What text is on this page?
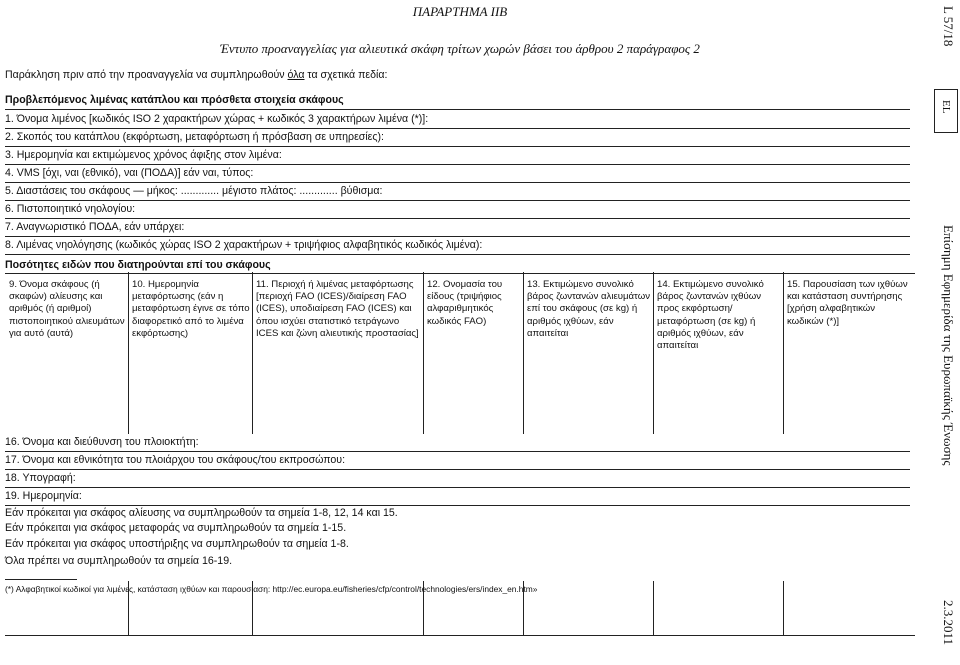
ΠΑΡΑΡΤΗΜΑ IIB
Έντυπο προαναγγελίας για αλιευτικά σκάφη τρίτων χωρών βάσει του άρθρου 2 παράγραφος 2
Παράκληση πριν από την προαναγγελία να συμπληρωθούν όλα τα σχετικά πεδία:
Προβλεπόμενος λιμένας κατάπλου και πρόσθετα στοιχεία σκάφους
1. Όνομα λιμένος [κωδικός ISO 2 χαρακτήρων χώρας + κωδικός 3 χαρακτήρων λιμένα (*)]:
2. Σκοπός του κατάπλου (εκφόρτωση, μεταφόρτωση ή πρόσβαση σε υπηρεσίες):
3. Ημερομηνία και εκτιμώμενος χρόνος άφιξης στον λιμένα:
4. VMS [όχι, ναι (εθνικό), ναι (ΠΟΔΑ)] εάν ναι, τύπος:
5. Διαστάσεις του σκάφους — μήκος: ............. μέγιστο πλάτος: ............. βύθισμα:
6. Πιστοποιητικό νηολογίου:
7. Αναγνωριστικό ΠΟΔΑ, εάν υπάρχει:
8. Λιμένας νηολόγησης (κωδικός χώρας ISO 2 χαρακτήρων + τριψήφιος αλφαβητικός κωδικός λιμένα):
Ποσότητες ειδών που διατηρούνται επί του σκάφους
9. Όνομα σκάφους (ή σκαφών) αλίευσης και αριθμός (ή αριθμοί) πιστοποιητικού αλιευμάτων για αυτό (αυτά)
10. Ημερομηνία μεταφόρτωσης (εάν η μεταφόρτωση έγινε σε τόπο διαφορετικό από το λιμένα εκφόρτωσης)
11. Περιοχή ή λιμένας μεταφόρτωσης [περιοχή FAO (ICES)/διαίρεση FAO (ICES), υποδιαίρεση FAO (ICES) και όπου ισχύει στατιστικό τετράγωνο ICES και ζώνη αλιευτικής προστασίας]
12. Ονομασία του είδους (τριψήφιος αλφαριθμητικός κωδικός FAO)
13. Εκτιμώμενο συνολικό βάρος ζωντανών αλιευμάτων επί του σκάφους (σε kg) ή αριθμός ιχθύων, εάν απαιτείται
14. Εκτιμώμενο συνολικό βάρος ζωντανών ιχθύων προς εκφόρτωση/μεταφόρτωση (σε kg) ή αριθμός ιχθύων, εάν απαιτείται
15. Παρουσίαση των ιχθύων και κατάσταση συντήρησης [χρήση αλφαβητικών κωδικών (*)]
16. Όνομα και διεύθυνση του πλοιοκτήτη:
17. Όνομα και εθνικότητα του πλοιάρχου του σκάφους/του εκπροσώπου:
18. Υπογραφή:
19. Ημερομηνία:
Εάν πρόκειται για σκάφος αλίευσης να συμπληρωθούν τα σημεία 1-8, 12, 14 και 15.
Εάν πρόκειται για σκάφος μεταφοράς να συμπληρωθούν τα σημεία 1-15.
Εάν πρόκειται για σκάφος υποστήριξης να συμπληρωθούν τα σημεία 1-8.
Όλα πρέπει να συμπληρωθούν τα σημεία 16-19.
(*) Αλφαβητικοί κωδικοί για λιμένες, κατάσταση ιχθύων και παρουσίαση: http://ec.europa.eu/fisheries/cfp/control/technologies/ers/index_en.htm»
L 57/18
EL
Επίσημη Εφημερίδα της Ευρωπαϊκής Ένωσης
2.3.2011
